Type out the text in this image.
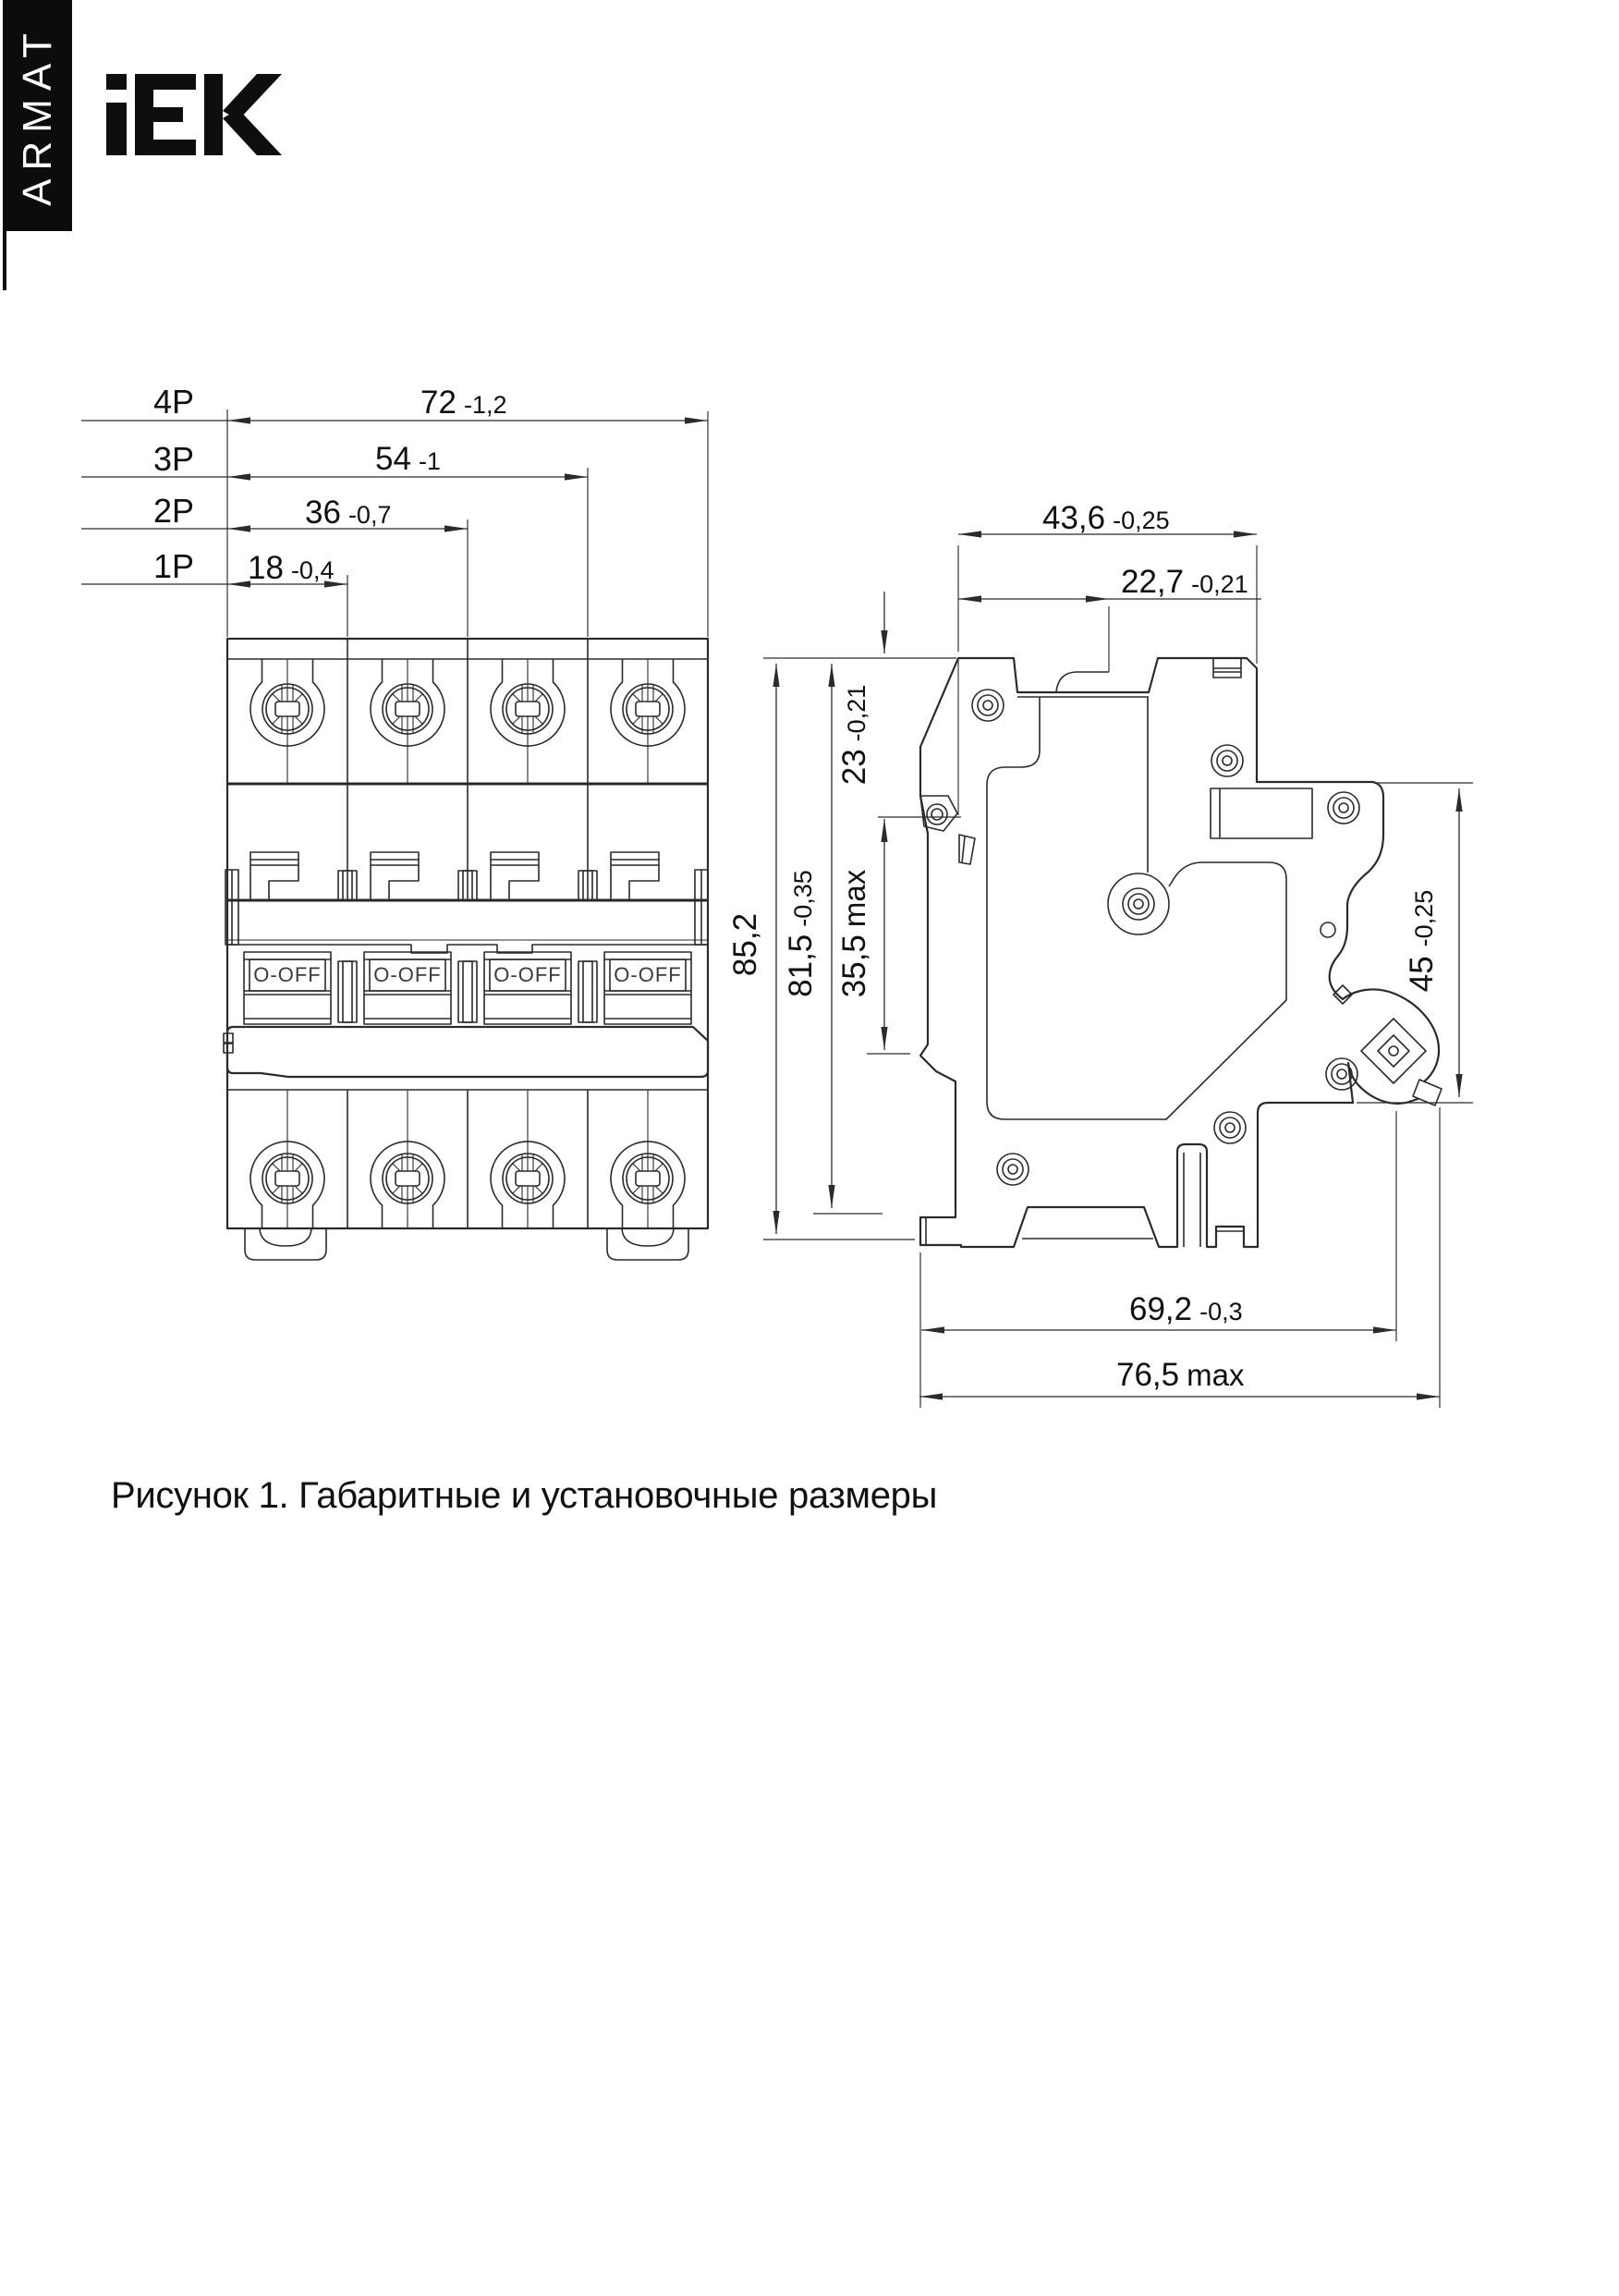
ARMAT
O-OFF	O-OFF	O-OFF	O-OFF
4P
3P
2P
1P
72 -1,2
54 -1
36 -0,7
18 -0,4
43,6 -0,25
22,7 -0,21
23-0,21
35,5max
85,2 81,5-0,35
45-0,25
69,2 -0,3
76,5 max
Рисунок 1. Габаритные и установочные размеры
